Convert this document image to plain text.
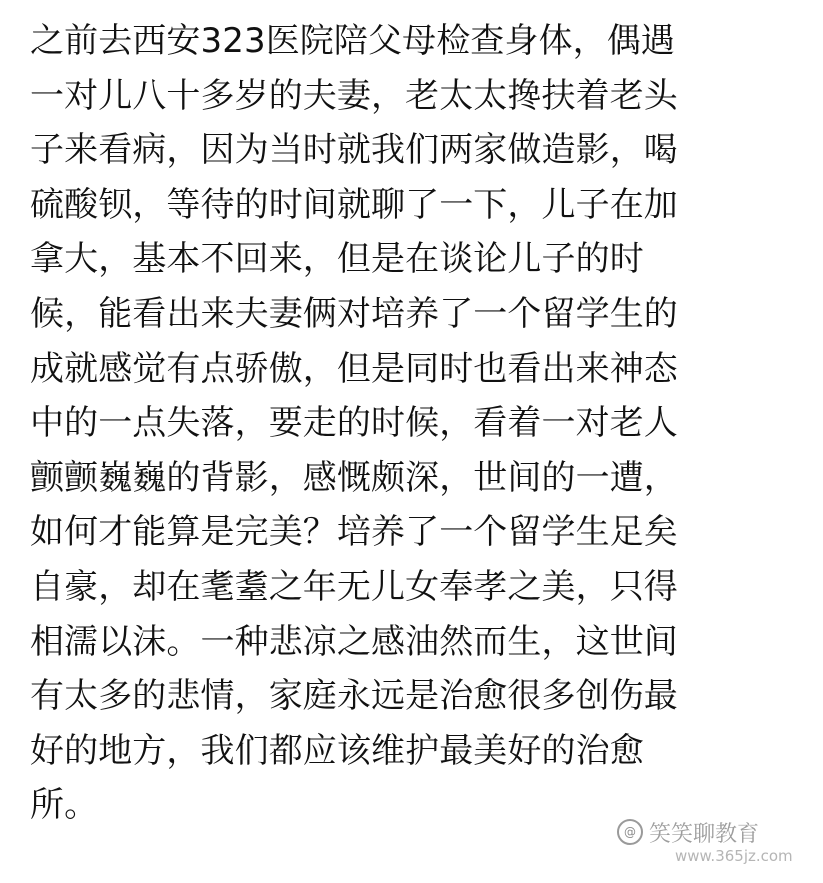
之前去西安323医院陪父母检查身体，偶遇
一对儿八十多岁的夫妻，老太太搀扶着老头
子来看病，因为当时就我们两家做造影，喝
硫酸钡，等待的时间就聊了一下，儿子在加
拿大，基本不回来，但是在谈论儿子的时
候，能看出来夫妻俩对培养了一个留学生的
成就感觉有点骄傲，但是同时也看出来神态
中的一点失落，要走的时候，看着一对老人
颤颤巍巍的背影，感慨颇深，世间的一遭，
如何才能算是完美？培养了一个留学生足矣
自豪，却在耄耋之年无儿女奉孝之美，只得
相濡以沫。一种悲凉之感油然而生，这世间
有太多的悲情，家庭永远是治愈很多创伤最
好的地方，我们都应该维护最美好的治愈
所。
@ 笑笑聊教育
www.365jz.com
